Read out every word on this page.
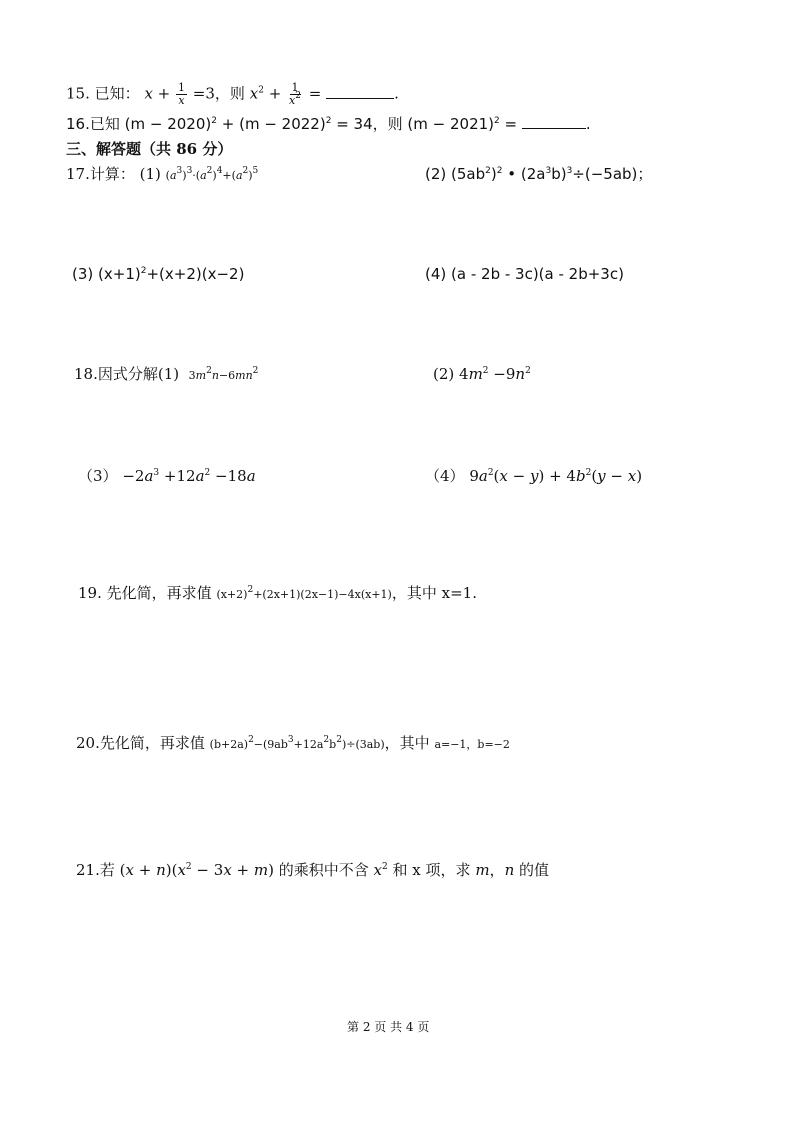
15. 已知： $x + \frac{1}{x} =3$，则 $x^2 + \frac{1}{x^2}$ =	.
16.已知 $(m - 2020)^2 + (m - 2022)^2 = 34$，则 $(m - 2021)^2$ =	.
三、解答题（共 86 分）
17.计算： (1) $(a^3)^3\cdot(a^2)^4+(a^2)^5$	(2) $(5ab^2)^2$ • $(2a^3b)^3\div(-5ab)$；
(3) $(x+1)^2+(x+2)(x-2)$	(4) (a - 2b - 3c)(a - 2b+3c)
18.因式分解(1) $3m^2n-6mn^2$	(2) $4m^2 -9n^2$
$(3) -2a^3 +12a^2 -18a$	（4） $9a^2(x - y) + 4b^2(y - x)$
19. 先化简，再求值 $(x+2)^2+(2x+1)(2x-1)-4x(x+1)$，其中 x=1.
20.先化简，再求值 $(b+2a)^2-(9ab^3+12a^2b^2)\div(3ab)$，其中 a=−1，b=−2
21.若 $(x + n)(x^2 - 3x + m)$ 的乘积中不含 $x^2$ 和 x 项，求 m，n 的值
第 2 页 共 4 页
